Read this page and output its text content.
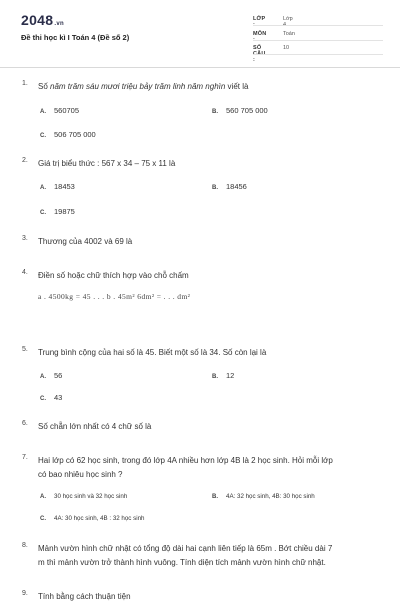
2048.vn
Đề thi học kì I Toán 4 (Đề số 2)
LỚP :
Lớp 4
MÔN :
Toán
SỐ CÂU :
10
1. Số năm trăm sáu mươi triệu bảy trăm linh năm nghìn viết là
A. 560705	B. 560 705 000
C. 506 705 000
2. Giá trị biểu thức : 567 x 34 – 75 x 11 là
A. 18453	B. 18456
C. 19875
3. Thương của 4002 và 69 là
4. Điền số hoặc chữ thích hợp vào chỗ chấm
a . 4500kg = 45 . . . b . 45m² 6dm² = . . . dm²
5. Trung bình cộng của hai số là 45. Biết một số là 34. Số còn lại là
A. 56	B. 12
C. 43
6. Số chẵn lớn nhất có 4 chữ số là
7. Hai lớp có 62 học sinh, trong đó lớp 4A nhiều hơn lớp 4B là 2 học sinh. Hỏi mỗi lớp
có bao nhiêu học sinh ?
A. 30 học sinh và 32 học sinh	B. 4A: 32 học sinh, 4B: 30 học sinh
C. 4A: 30 học sinh, 4B : 32 học sinh
8. Mảnh vườn hình chữ nhật có tổng độ dài hai cạnh liên tiếp là 65m . Bớt chiều dài 7
m thì mảnh vườn trở thành hình vuông. Tính diện tích mảnh vườn hình chữ nhật.
9. Tính bằng cách thuận tiện
